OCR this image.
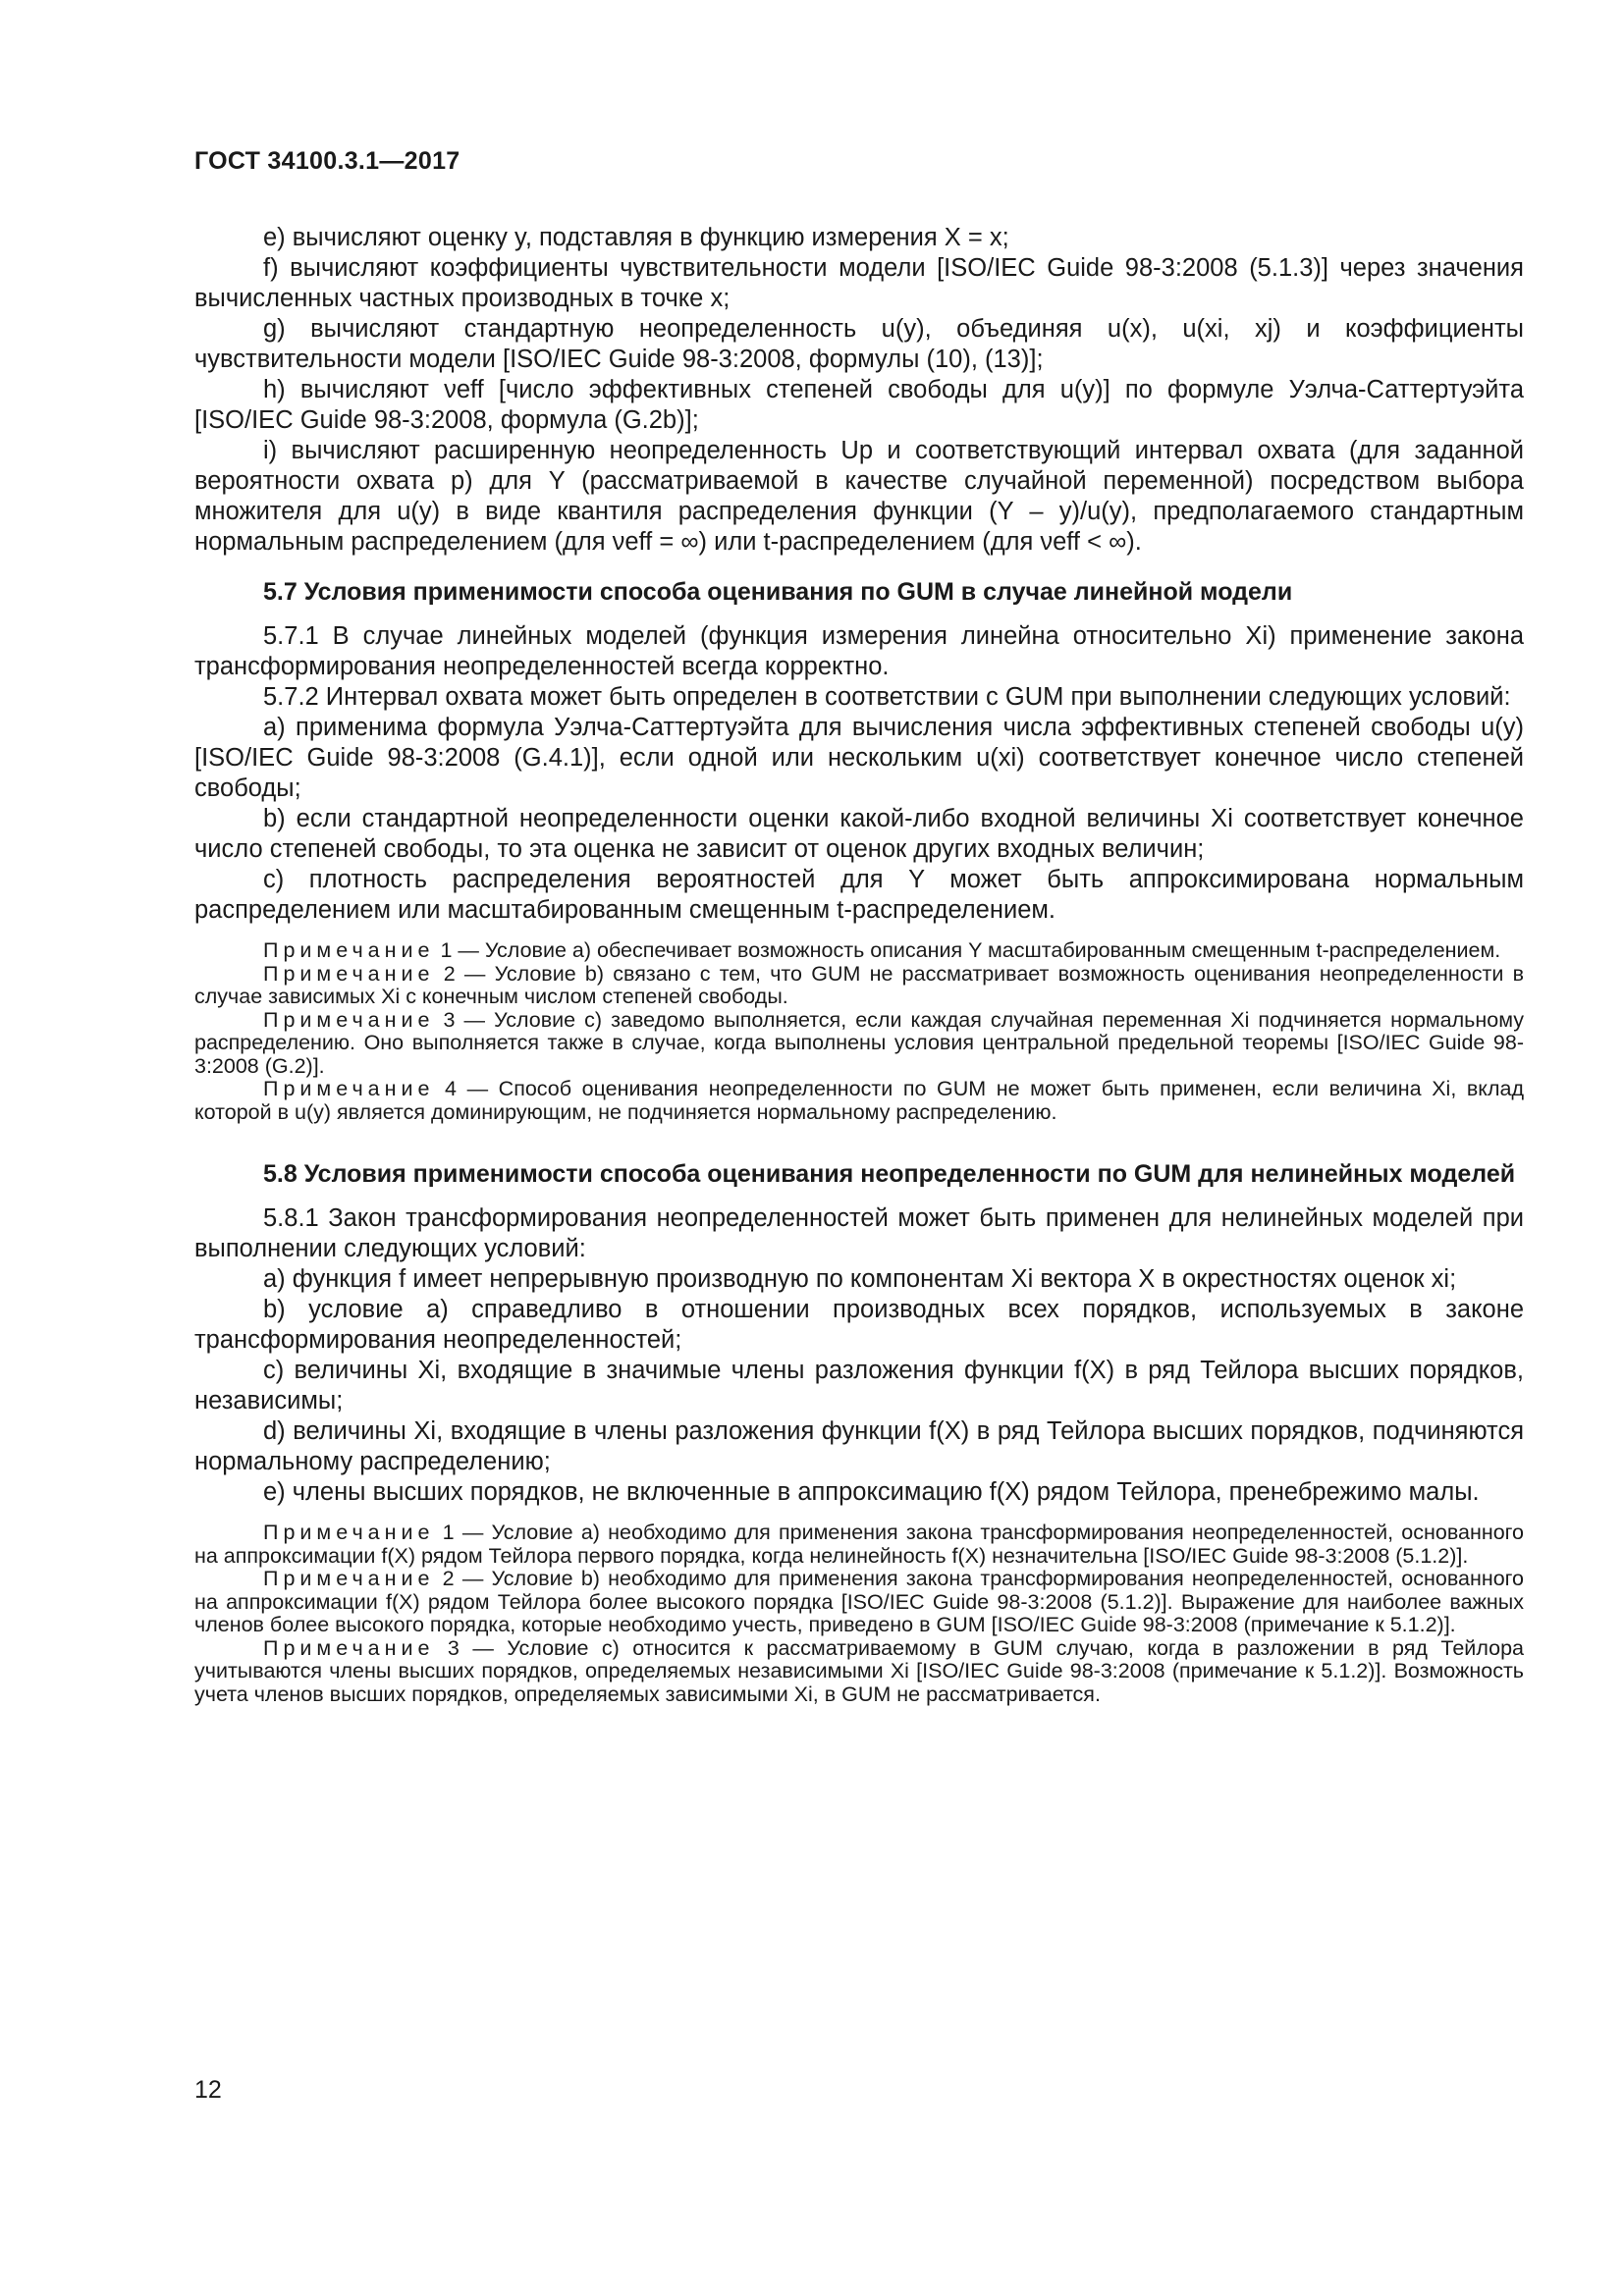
ГОСТ 34100.3.1—2017

е) вычисляют оценку y, подставляя в функцию измерения X = x;

f) вычисляют коэффициенты чувствительности модели [ISO/IEC Guide 98-3:2008 (5.1.3)] через значения вычисленных частных производных в точке x;

g) вычисляют стандартную неопределенность u(y), объединяя u(x), u(xi, xj) и коэффициенты чувствительности модели [ISO/IEC Guide 98-3:2008, формулы (10), (13)];

h) вычисляют νeff [число эффективных степеней свободы для u(y)] по формуле Уэлча-Саттертуэйта [ISO/IEC Guide 98-3:2008, формула (G.2b)];

i) вычисляют расширенную неопределенность Up и соответствующий интервал охвата (для заданной вероятности охвата p) для Y (рассматриваемой в качестве случайной переменной) посредством выбора множителя для u(y) в виде квантиля распределения функции (Y – y)/u(y), предполагаемого стандартным нормальным распределением (для νeff = ∞) или t-распределением (для νeff < ∞).

5.7 Условия применимости способа оценивания по GUM в случае линейной модели

5.7.1 В случае линейных моделей (функция измерения линейна относительно Xi) применение закона трансформирования неопределенностей всегда корректно.

5.7.2 Интервал охвата может быть определен в соответствии с GUM при выполнении следующих условий:

а) применима формула Уэлча-Саттертуэйта для вычисления числа эффективных степеней свободы u(y) [ISO/IEC Guide 98-3:2008 (G.4.1)], если одной или нескольким u(xi) соответствует конечное число степеней свободы;

b) если стандартной неопределенности оценки какой-либо входной величины Xi соответствует конечное число степеней свободы, то эта оценка не зависит от оценок других входных величин;

c) плотность распределения вероятностей для Y может быть аппроксимирована нормальным распределением или масштабированным смещенным t-распределением.

Примечание 1 — Условие а) обеспечивает возможность описания Y масштабированным смещенным t-распределением.

Примечание 2 — Условие b) связано с тем, что GUM не рассматривает возможность оценивания неопределенности в случае зависимых Xi с конечным числом степеней свободы.

Примечание 3 — Условие c) заведомо выполняется, если каждая случайная переменная Xi подчиняется нормальному распределению. Оно выполняется также в случае, когда выполнены условия центральной предельной теоремы [ISO/IEC Guide 98-3:2008 (G.2)].

Примечание 4 — Способ оценивания неопределенности по GUM не может быть применен, если величина Xi, вклад которой в u(y) является доминирующим, не подчиняется нормальному распределению.

5.8 Условия применимости способа оценивания неопределенности по GUM для нелинейных моделей

5.8.1 Закон трансформирования неопределенностей может быть применен для нелинейных моделей при выполнении следующих условий:

а) функция f имеет непрерывную производную по компонентам Xi вектора X в окрестностях оценок xi;

b) условие а) справедливо в отношении производных всех порядков, используемых в законе трансформирования неопределенностей;

c) величины Xi, входящие в значимые члены разложения функции f(X) в ряд Тейлора высших порядков, независимы;

d) величины Xi, входящие в члены разложения функции f(X) в ряд Тейлора высших порядков, подчиняются нормальному распределению;

е) члены высших порядков, не включенные в аппроксимацию f(X) рядом Тейлора, пренебрежимо малы.

Примечание 1 — Условие а) необходимо для применения закона трансформирования неопределенностей, основанного на аппроксимации f(X) рядом Тейлора первого порядка, когда нелинейность f(X) незначительна [ISO/IEC Guide 98-3:2008 (5.1.2)].

Примечание 2 — Условие b) необходимо для применения закона трансформирования неопределенностей, основанного на аппроксимации f(X) рядом Тейлора более высокого порядка [ISO/IEC Guide 98-3:2008 (5.1.2)]. Выражение для наиболее важных членов более высокого порядка, которые необходимо учесть, приведено в GUM [ISO/IEC Guide 98-3:2008 (примечание к 5.1.2)].

Примечание 3 — Условие c) относится к рассматриваемому в GUM случаю, когда в разложении в ряд Тейлора учитываются члены высших порядков, определяемых независимыми Xi [ISO/IEC Guide 98-3:2008 (примечание к 5.1.2)]. Возможность учета членов высших порядков, определяемых зависимыми Xi, в GUM не рассматривается.

12
